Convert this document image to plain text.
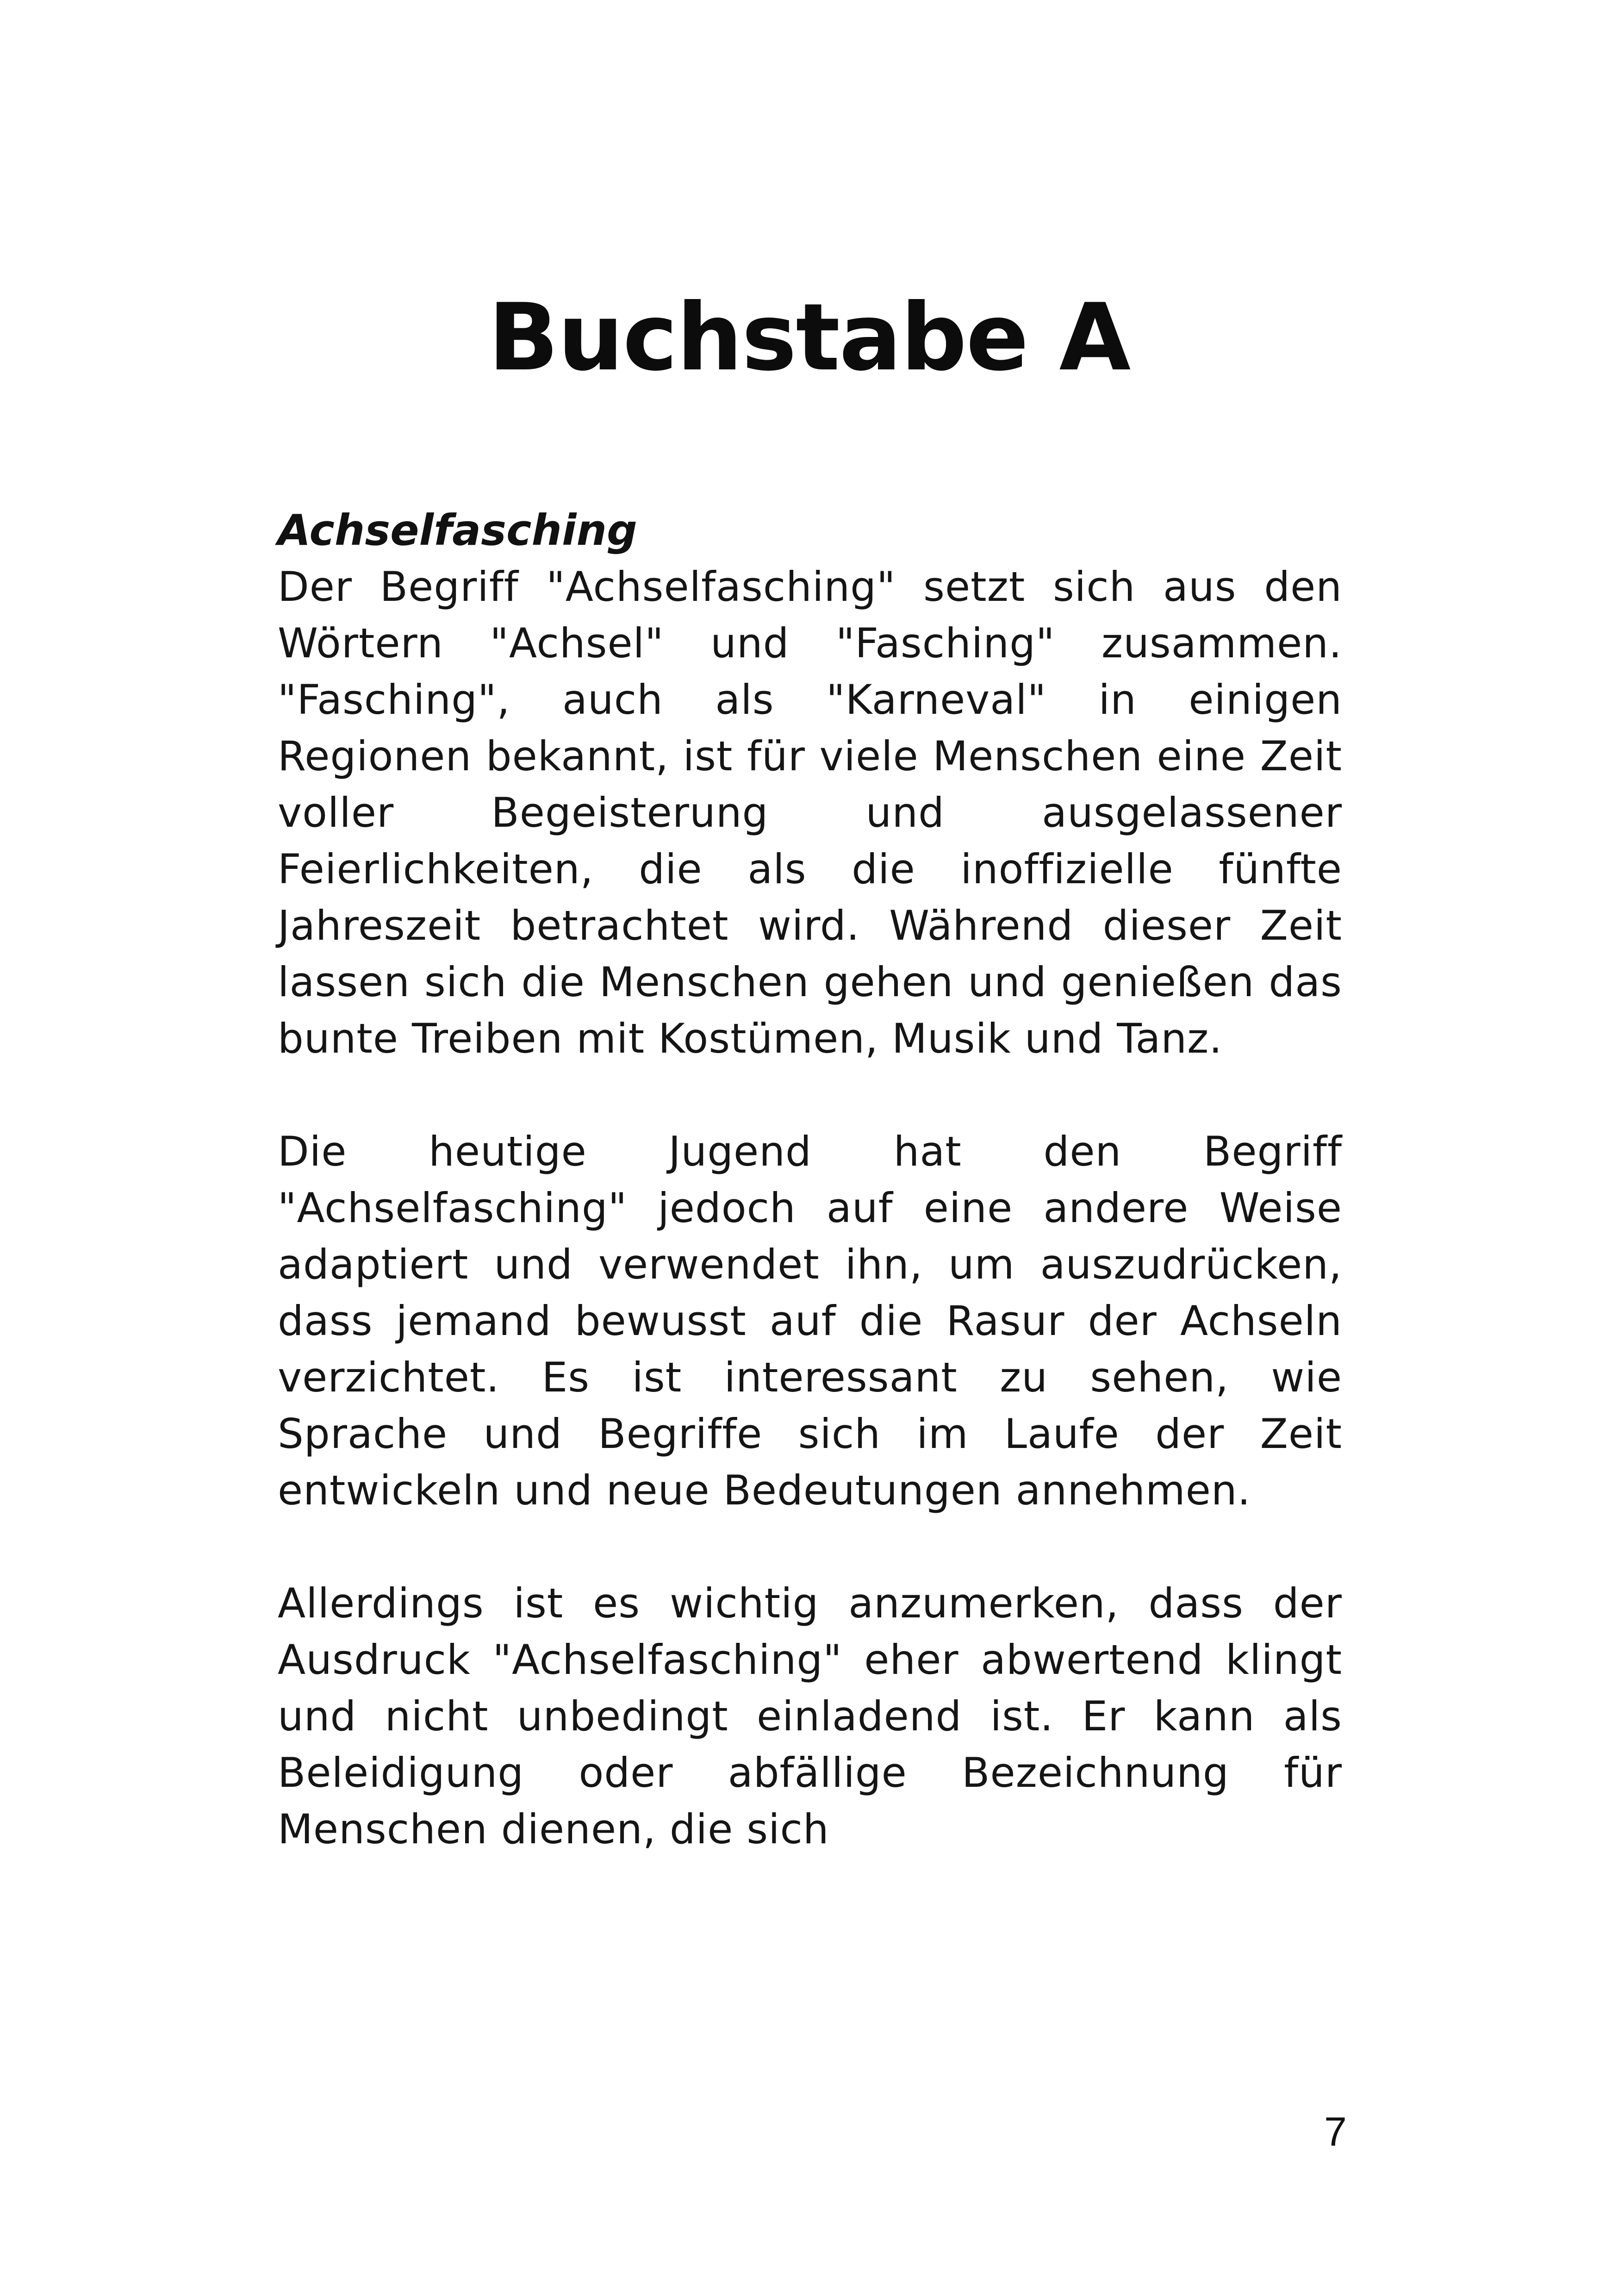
Buchstabe A
Achselfasching

Der Begriff "Achselfasching" setzt sich aus den Wörtern "Achsel" und "Fasching" zusammen. "Fasching", auch als "Karneval" in einigen Regionen bekannt, ist für viele Menschen eine Zeit voller Begeisterung und ausgelassener Feierlichkeiten, die als die inoffizielle fünfte Jahreszeit betrachtet wird. Während dieser Zeit lassen sich die Menschen gehen und genießen das bunte Treiben mit Kostümen, Musik und Tanz.

Die heutige Jugend hat den Begriff "Achselfasching" jedoch auf eine andere Weise adaptiert und verwendet ihn, um auszudrücken, dass jemand bewusst auf die Rasur der Achseln verzichtet. Es ist interessant zu sehen, wie Sprache und Begriffe sich im Laufe der Zeit entwickeln und neue Bedeutungen annehmen.

Allerdings ist es wichtig anzumerken, dass der Ausdruck "Achselfasching" eher abwertend klingt und nicht unbedingt einladend ist. Er kann als Beleidigung oder abfällige Bezeichnung für Menschen dienen, die sich

7
